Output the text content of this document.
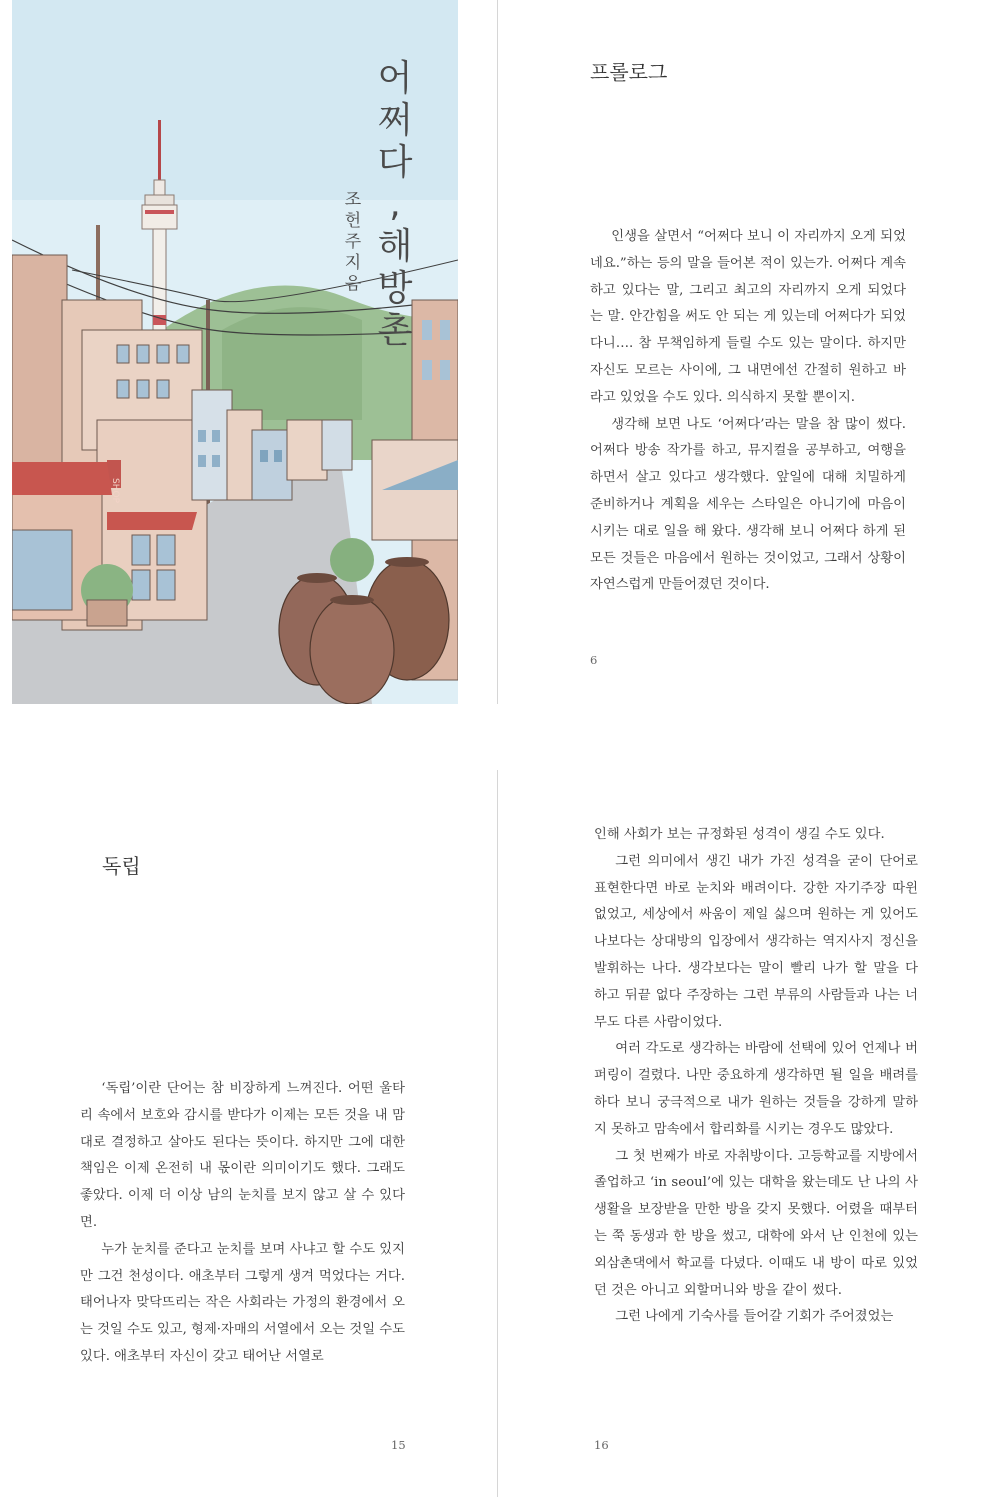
SHOP
어
쩌
다
,
해
방
촌
조
헌
주
지
음
프롤로그

인생을 살면서 “어쩌다 보니 이 자리까지 오게 되었네요.”하는 등의 말을 들어본 적이 있는가. 어쩌다 계속하고 있다는 말, 그리고 최고의 자리까지 오게 되었다는 말. 안간힘을 써도 안 되는 게 있는데 어쩌다가 되었다니…. 참 무책임하게 들릴 수도 있는 말이다. 하지만 자신도 모르는 사이에, 그 내면에선 간절히 원하고 바라고 있었을 수도 있다. 의식하지 못할 뿐이지.

생각해 보면 나도 ‘어쩌다’라는 말을 참 많이 썼다. 어쩌다 방송 작가를 하고, 뮤지컬을 공부하고, 여행을 하면서 살고 있다고 생각했다. 앞일에 대해 치밀하게 준비하거나 계획을 세우는 스타일은 아니기에 마음이 시키는 대로 일을 해 왔다. 생각해 보니 어쩌다 하게 된 모든 것들은 마음에서 원하는 것이었고, 그래서 상황이 자연스럽게 만들어졌던 것이다.

6
독립

‘독립’이란 단어는 참 비장하게 느껴진다. 어떤 울타리 속에서 보호와 감시를 받다가 이제는 모든 것을 내 맘대로 결정하고 살아도 된다는 뜻이다. 하지만 그에 대한 책임은 이제 온전히 내 몫이란 의미이기도 했다. 그래도 좋았다. 이제 더 이상 남의 눈치를 보지 않고 살 수 있다면.

누가 눈치를 준다고 눈치를 보며 사냐고 할 수도 있지만 그건 천성이다. 애초부터 그렇게 생겨 먹었다는 거다. 태어나자 맞닥뜨리는 작은 사회라는 가정의 환경에서 오는 것일 수도 있고, 형제·자매의 서열에서 오는 것일 수도 있다. 애초부터 자신이 갖고 태어난 서열로

15

인해 사회가 보는 규정화된 성격이 생길 수도 있다.

그런 의미에서 생긴 내가 가진 성격을 굳이 단어로 표현한다면 바로 눈치와 배려이다. 강한 자기주장 따윈 없었고, 세상에서 싸움이 제일 싫으며 원하는 게 있어도 나보다는 상대방의 입장에서 생각하는 역지사지 정신을 발휘하는 나다. 생각보다는 말이 빨리 나가 할 말을 다 하고 뒤끝 없다 주장하는 그런 부류의 사람들과 나는 너무도 다른 사람이었다.

여러 각도로 생각하는 바람에 선택에 있어 언제나 버퍼링이 걸렸다. 나만 중요하게 생각하면 될 일을 배려를 하다 보니 궁극적으로 내가 원하는 것들을 강하게 말하지 못하고 맘속에서 합리화를 시키는 경우도 많았다.

그 첫 번째가 바로 자취방이다. 고등학교를 지방에서 졸업하고 ‘in seoul’에 있는 대학을 왔는데도 난 나의 사생활을 보장받을 만한 방을 갖지 못했다. 어렸을 때부터는 쭉 동생과 한 방을 썼고, 대학에 와서 난 인천에 있는 외삼촌댁에서 학교를 다녔다. 이때도 내 방이 따로 있었던 것은 아니고 외할머니와 방을 같이 썼다.

그런 나에게 기숙사를 들어갈 기회가 주어졌었는

16
